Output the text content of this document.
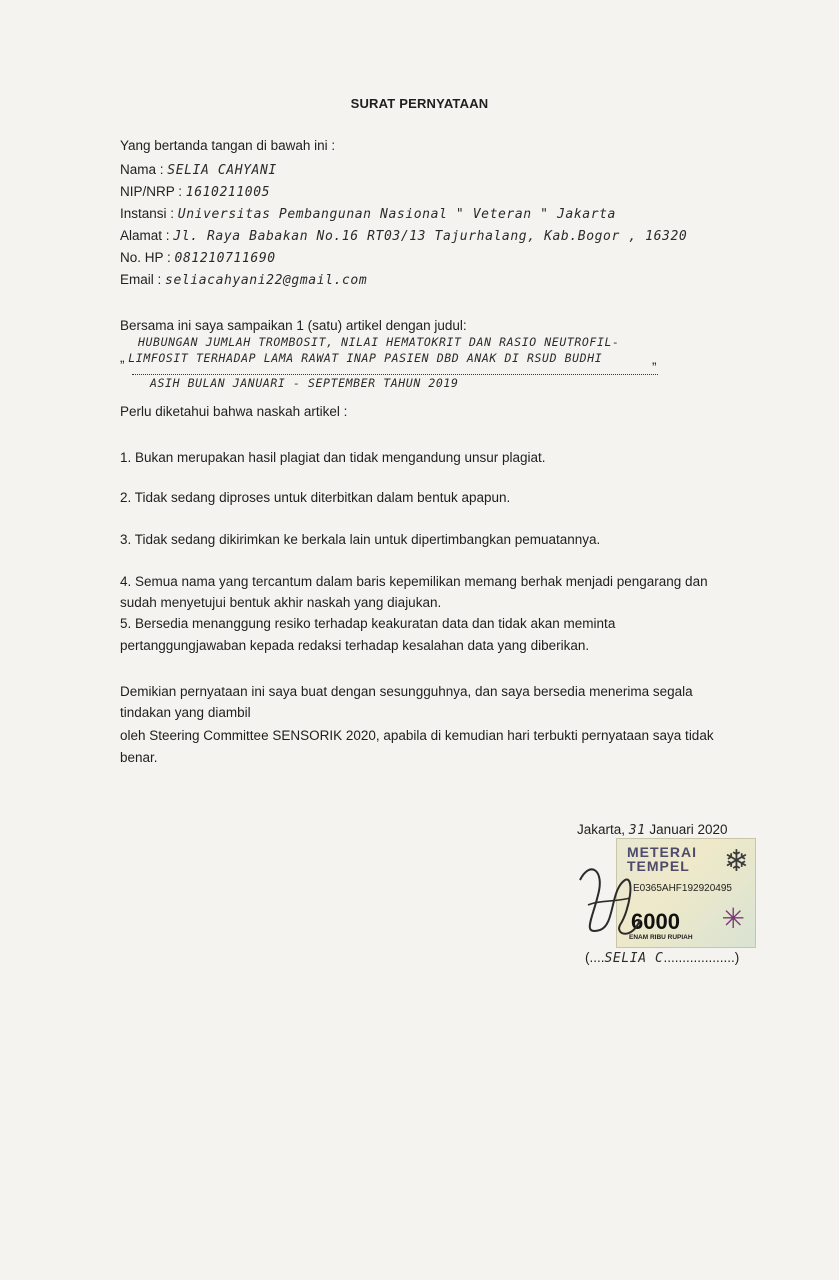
SURAT PERNYATAAN
Yang bertanda tangan di bawah ini :
Nama : SELIA CAHYANI
NIP/NRP : 1610211005
Instansi : Universitas Pembangunan Nasional " Veteran " Jakarta
Alamat : Jl. Raya Babakan No.16 RT03/13 Tajurhalang, Kab.Bogor , 16320
No. HP : 081210711690
Email : seliacahyani22@gmail.com
Bersama ini saya sampaikan 1 (satu) artikel dengan judul:
HUBUNGAN JUMLAH TROMBOSIT, NILAI HEMATOKRIT DAN RASIO NEUTROFIL-
„ LIMFOSIT TERHADAP LAMA RAWAT INAP PASIEN DBD ANAK DI RSUD BUDHI
”
ASIH BULAN JANUARI - SEPTEMBER TAHUN 2019
Perlu diketahui bahwa naskah artikel :
1. Bukan merupakan hasil plagiat dan tidak mengandung unsur plagiat.
2. Tidak sedang diproses untuk diterbitkan dalam bentuk apapun.
3. Tidak sedang dikirimkan ke berkala lain untuk dipertimbangkan pemuatannya.
4. Semua nama yang tercantum dalam baris kepemilikan memang berhak menjadi pengarang dan
sudah menyetujui bentuk akhir naskah yang diajukan.
5. Bersedia menanggung resiko terhadap keakuratan data dan tidak akan meminta
pertanggungjawaban kepada redaksi terhadap kesalahan data yang diberikan.
Demikian pernyataan ini saya buat dengan sesungguhnya, dan saya bersedia menerima segala
tindakan yang diambil
oleh Steering Committee SENSORIK 2020, apabila di kemudian hari terbukti pernyataan saya tidak
benar.
Jakarta, 31 Januari 2020
METERAI
TEMPEL ❄
E0365AHF192920495
6000 ✳
ENAM RIBU RUPIAH
(....SELIA C...................)
